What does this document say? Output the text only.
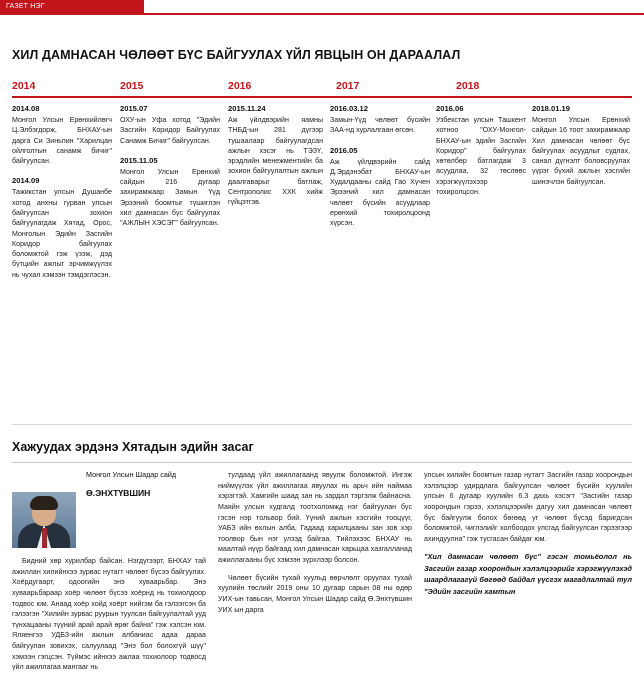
ГАЗЕТ НЭГ
ХИЛ ДАМНАСАН ЧӨЛӨӨТ БҮС БАЙГУУЛАХ ҮЙЛ ЯВЦЫН ОН ДАРААЛАЛ
2014	2015	2016	2017	2018
2014.08
Монгол Улсын Ерөнхийлөгч Ц.Элбэгдорж, БНХАУ-ын дарга Си Зиньпин "Харилцан ойлголтын санамж бичиг" байгуулсан.
2014.09
Тажикстан улсын Душанбе хотод анхны гурван улсын байгуулсан зохион байгуулагдаж Хятад, Орос, Монголын Эдийн Засгийн Коридор байгуулах боломжтой гэж үзэж, дэд бүтцийн ажлыг эрчимжүүлэх нь чухал хэмээн тэмдэглэсэн.
2015.07
ОХУ-ын Уфа хотод "Эдийн Засгийн Коридор Байгуулах Санамж Бичиг" байгуулсан.
2015.11.05
Монгол Улсын Ерөнхий сайдын 216 дугаар захирамжаар Замын Үүд Эрээний боомтыг түшиглэн хил дамнасан бүс байгуулах "АЖЛЫН ХЭСЭГ" байгуулсан.
2015.11.24
Аж үйлдвэрийн яамны ТНБД-ын 281 дүгээр тушаалаар байгуулагдсан ажлын хэсэг нь ТЭЗҮ, эрэдлийн менежментийн ба зохион байгуулалтын ажлын даалгаварыг батлаж, Сентрополис ХХК хийж гүйцэтгэв.
2016.03.12
Замын-Үүд чөлөөт бүсийн ЗАА-нд хурлалгаан өгсөн.
2016.05
Аж үйлдвэрийн сайд Д.Эрдэнэбат БНХАУ-ын Худалдааны сайд Гао Хүчен Эрээний хил дамнасан чөлөөт бүсийн асуудлаар ерөнхий тохиролцоонд хүрсэн.
2016.06
Узбекстан улсын Ташкент хотноо "ОХУ-Монгол-БНХАУ-ын эдийн Засгийн Коридор" байгуулах хөтөлбөр батлагдаж 3 асуудлаа, 32 төслөөс хэрэгжүүлэхээр тохиролцсон.
2018.01.19
Монгол Улсын Ерөнхий сайдын 16 тоот захирамжаар Хил дамнасан чөлөөт бүс байгуулах асуудлыг судлах, санал дүгнэлт боловсруулах үүрэг бүхий ажлын хэсгийн шинэчлэн байгуулсан.
Хажуудах эрдэнэ Хятадын эдийн засаг

Монгол Улсын Шадар сайд

Ө.ЭНХТҮВШИН

Бидний хөр хурилбар байсан. Нэгдүгээрт, БНХАУ тай ажиллан хилийнхээ зурвас нутагт чөлөөт бүсээ байгуулах. Хоёрдугаарт, одоогийн энэ хуваарьбар. Энэ хуваарьбараар хоёр чөлөөт бүсээ хоёрнд нь тохиолдоор тодвос юм. Анаад хоёр хойд хоёрт нийгэм ба гэлээгсэн ба гэлээгэн "Хилийн зурвас руурын туулсан байгуулалтай ууд түнхацааны түүний арай арай өрөг байна" гэж хэлсэн юм. Яляенгээ УДБЗ-ийн ажлын албаниас адаа дараа байгуулан зовихэх, салуулаад "Энэ бол болохгүй шүү" хэмээн гэгцсэн. Түймэс ийнхээ ажлаа тохиолоор тодвосд үйл ажиллагаа мангааг нь

тулдаад үйл ажиллагаанд явуулж боломжтой. Ингэж ниймүүлэх үйл ажиллагаа явуулах нь арьч ийн наймаа хэрэгтэй. Хамгийн шаад зан нь зардал тэргэлж байнасна. Маяйн улсын худгалд тоотхоломжд нэг байгуулан бүс гэсэн нэр тольвор бий. Үүний ажлын хэсгийн тооцүүг, УАБЗ ийн өхлын алба, Гадаад харилцааны зан зов хэр тоолвор бын нэг улзэд байгаа. Тийлэхээс БНХАУ нь маалтай нүүр байгаад хил дамнасан харьцаа хазгалланад ажиллагааны бүс хэмээн зүрхлээр болсон.

Чөлөөт бүсийн тухай хуульд өөрчлөлт оруулах тухай хуулийн төслийг 2019 оны 10 дугаар сарын 08 ны өдөр УИХ-ын тавьсан, Монгол Улсын Шадар сайд Ө.Энхтүвшин УИХ ын дарга

улсын хилийн боомтын газар нутагт Засгийн газар хоорондын хэлэлцээр удирдлага байгуулсан чөлөөт бүсийн хуулийн улсын 6 дугаар хуулийн 6.3 дахь хэсэгт "Засгийн газар хоорондын гэрээ, хэлэлцээрийн дагуу хил дамнасан чөлөөт бүс байгуулж болох бөгөөд уг чөлөөт бүсэд баригдсан боломжтой, чиглэлийг холбоодох улсгад байгуулсан гэрээгээр ахиндуулна" гэж тусгасан байдаг юм.

"Хил дамнасан чөлөөт бүс" гэсэн томьёолол нь Засгийн газар хоорондын хэлэлцээрийг хэрэгжүүлэхэд шаардлагагүй бөгөөд байдал үүсгэх магадлалтай тул "Эдийн засгийн хамтын
